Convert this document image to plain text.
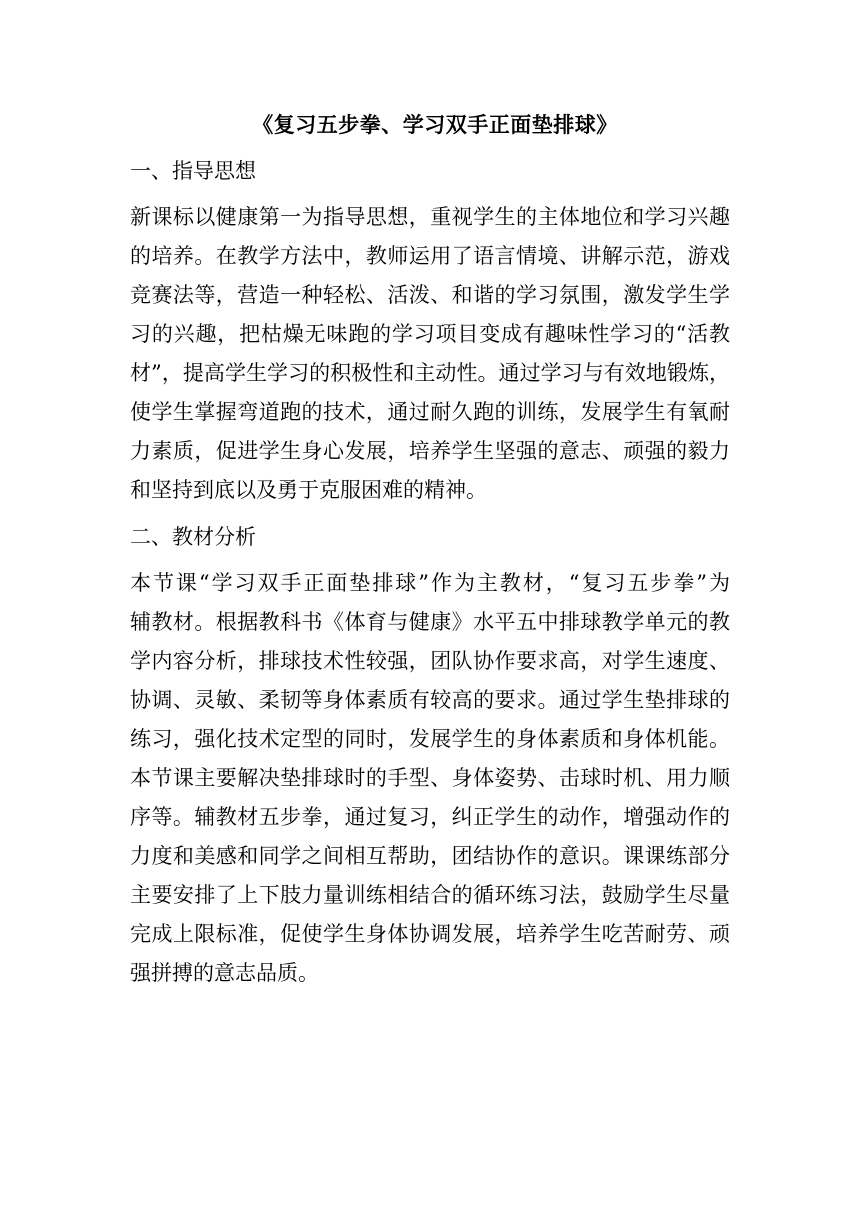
《复习五步拳、学习双手正面垫排球》
一、指导思想
新课标以健康第一为指导思想，重视学生的主体地位和学习兴趣
的培养。在教学方法中，教师运用了语言情境、讲解示范，游戏
竞赛法等，营造一种轻松、活泼、和谐的学习氛围，激发学生学
习的兴趣，把枯燥无味跑的学习项目变成有趣味性学习的“活教
材”，提高学生学习的积极性和主动性。通过学习与有效地锻炼，
使学生掌握弯道跑的技术，通过耐久跑的训练，发展学生有氧耐
力素质，促进学生身心发展，培养学生坚强的意志、顽强的毅力
和坚持到底以及勇于克服困难的精神。
二、教材分析
本节课“学习双手正面垫排球”作为主教材，“复习五步拳”为
辅教材。根据教科书《体育与健康》水平五中排球教学单元的教
学内容分析，排球技术性较强，团队协作要求高，对学生速度、
协调、灵敏、柔韧等身体素质有较高的要求。通过学生垫排球的
练习，强化技术定型的同时，发展学生的身体素质和身体机能。
本节课主要解决垫排球时的手型、身体姿势、击球时机、用力顺
序等。辅教材五步拳，通过复习，纠正学生的动作，增强动作的
力度和美感和同学之间相互帮助，团结协作的意识。课课练部分
主要安排了上下肢力量训练相结合的循环练习法，鼓励学生尽量
完成上限标准，促使学生身体协调发展，培养学生吃苦耐劳、顽
强拼搏的意志品质。
